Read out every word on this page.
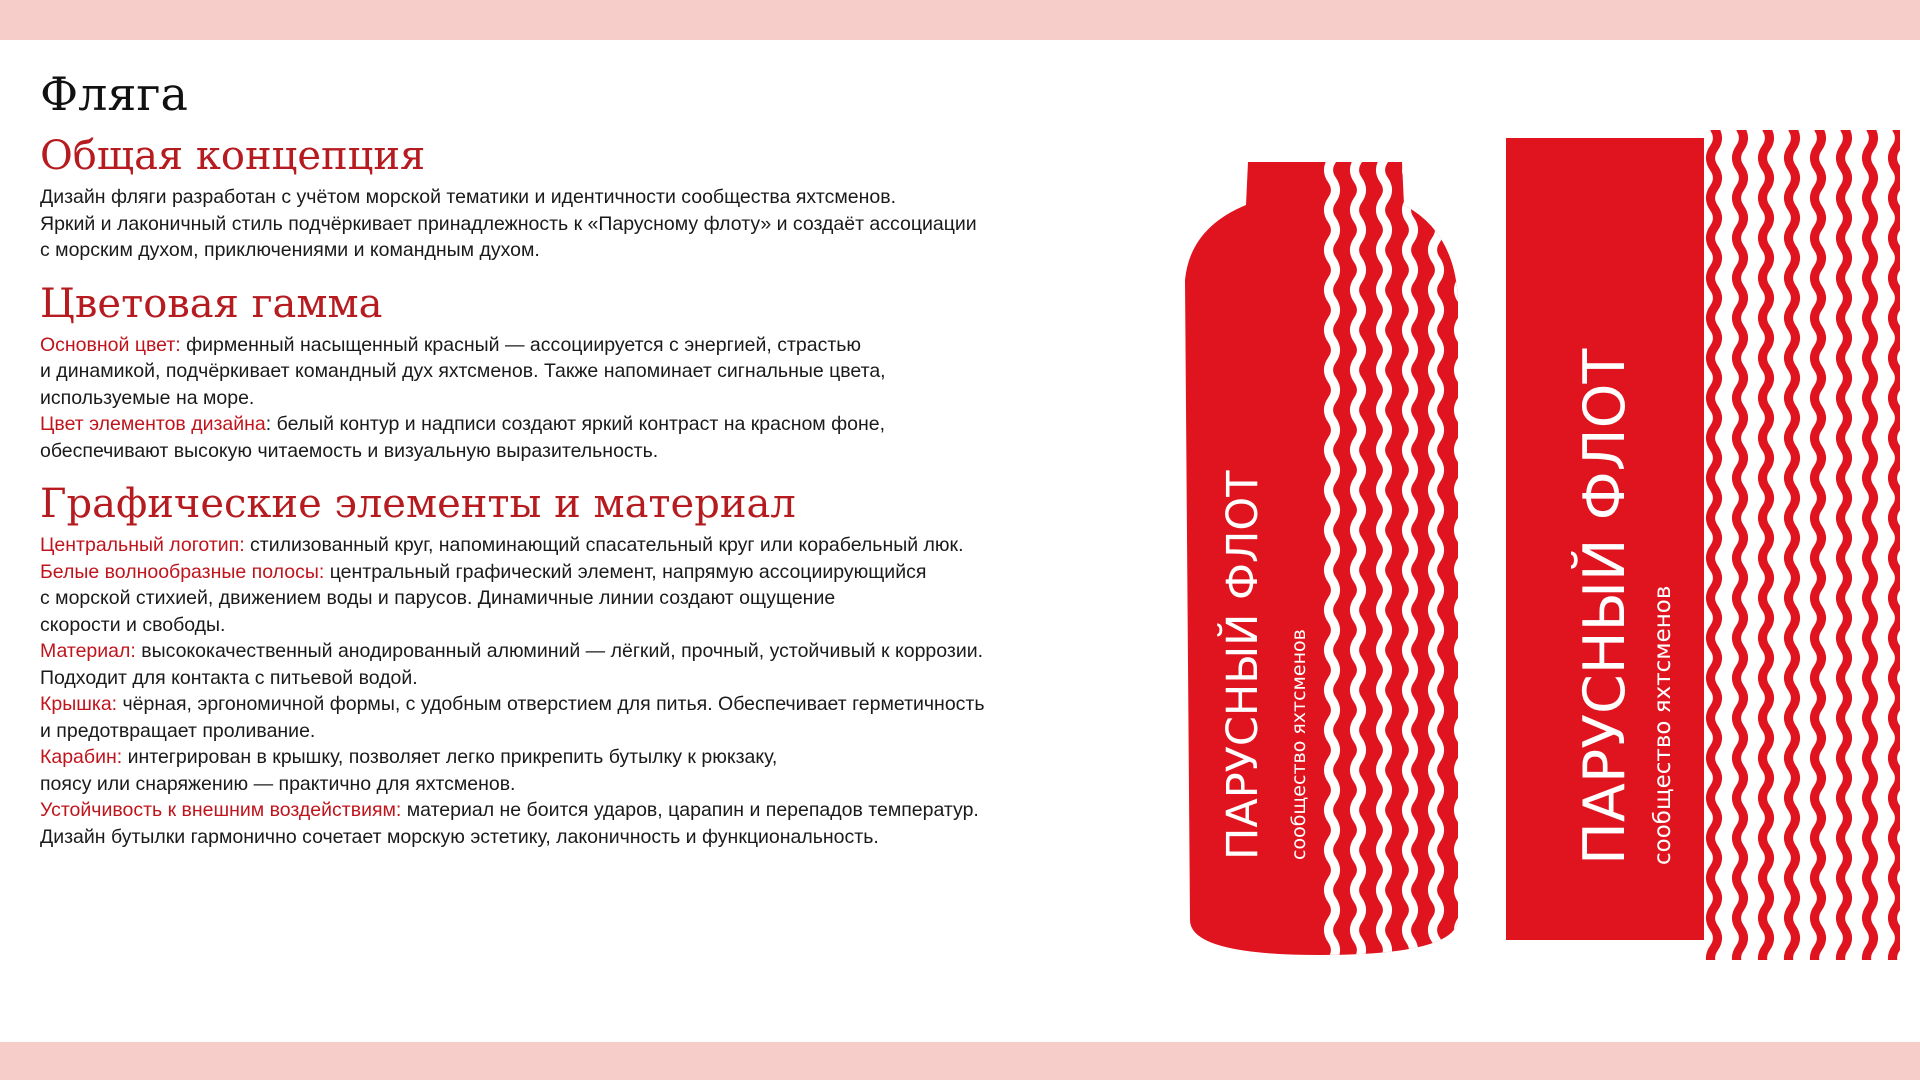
Фляга
Общая концепция

Дизайн фляги разработан с учётом морской тематики и идентичности сообщества яхтсменов.
Яркий и лаконичный стиль подчёркивает принадлежность к «Парусному флоту» и создаёт ассоциации
с морским духом, приключениями и командным духом.

Цветовая гамма

Основной цвет: фирменный насыщенный красный — ассоциируется с энергией, страстью
и динамикой, подчёркивает командный дух яхтсменов. Также напоминает сигнальные цвета,
используемые на море.

Цвет элементов дизайна: белый контур и надписи создают яркий контраст на красном фоне,
обеспечивают высокую читаемость и визуальную выразительность.

Графические элементы и материал

Центральный логотип: стилизованный круг, напоминающий спасательный круг или корабельный люк.

Белые волнообразные полосы: центральный графический элемент, напрямую ассоциирующийся
с морской стихией, движением воды и парусов. Динамичные линии создают ощущение
скорости и свободы.

Материал: высококачественный анодированный алюминий — лёгкий, прочный, устойчивый к коррозии.
Подходит для контакта с питьевой водой.

Крышка: чёрная, эргономичной формы, с удобным отверстием для питья. Обеспечивает герметичность
и предотвращает проливание.

Карабин: интегрирован в крышку, позволяет легко прикрепить бутылку к рюкзаку,
поясу или снаряжению — практично для яхтсменов.

Устойчивость к внешним воздействиям: материал не боится ударов, царапин и перепадов температур.
Дизайн бутылки гармонично сочетает морскую эстетику, лаконичность и функциональность.	ПАРУСНЫЙ ФЛОТ сообщество яхтсменов	ПАРУСНЫЙ ФЛОТ сообщество яхтсменов
